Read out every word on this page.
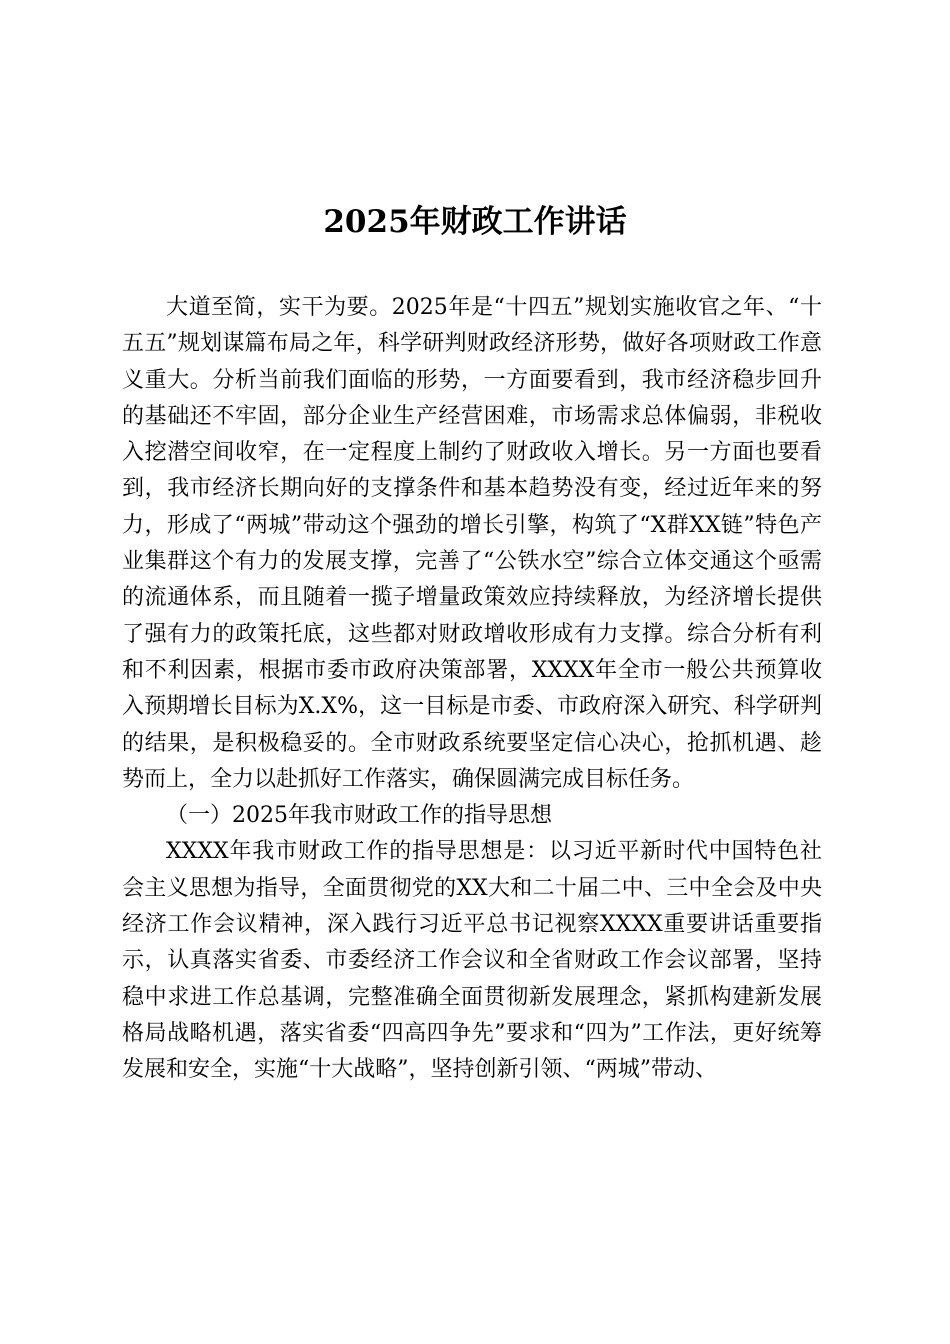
2025年财政工作讲话

大道至简，实干为要。2025年是“十四五”规划实施收官之年、“十五五”规划谋篇布局之年，科学研判财政经济形势，做好各项财政工作意义重大。分析当前我们面临的形势，一方面要看到，我市经济稳步回升的基础还不牢固，部分企业生产经营困难，市场需求总体偏弱，非税收入挖潜空间收窄，在一定程度上制约了财政收入增长。另一方面也要看到，我市经济长期向好的支撑条件和基本趋势没有变，经过近年来的努力，形成了“两城”带动这个强劲的增长引擎，构筑了“X群XX链”特色产业集群这个有力的发展支撑，完善了“公铁水空”综合立体交通这个亟需的流通体系，而且随着一揽子增量政策效应持续释放，为经济增长提供了强有力的政策托底，这些都对财政增收形成有力支撑。综合分析有利和不利因素，根据市委市政府决策部署，XXXX年全市一般公共预算收入预期增长目标为X.X%，这一目标是市委、市政府深入研究、科学研判的结果，是积极稳妥的。全市财政系统要坚定信心决心，抢抓机遇、趁势而上，全力以赴抓好工作落实，确保圆满完成目标任务。

（一）2025年我市财政工作的指导思想

XXXX年我市财政工作的指导思想是：以习近平新时代中国特色社会主义思想为指导，全面贯彻党的XX大和二十届二中、三中全会及中央经济工作会议精神，深入践行习近平总书记视察XXXX重要讲话重要指示，认真落实省委、市委经济工作会议和全省财政工作会议部署，坚持稳中求进工作总基调，完整准确全面贯彻新发展理念，紧抓构建新发展格局战略机遇，落实省委“四高四争先”要求和“四为”工作法，更好统筹发展和安全，实施“十大战略”，坚持创新引领、“两城”带动、
